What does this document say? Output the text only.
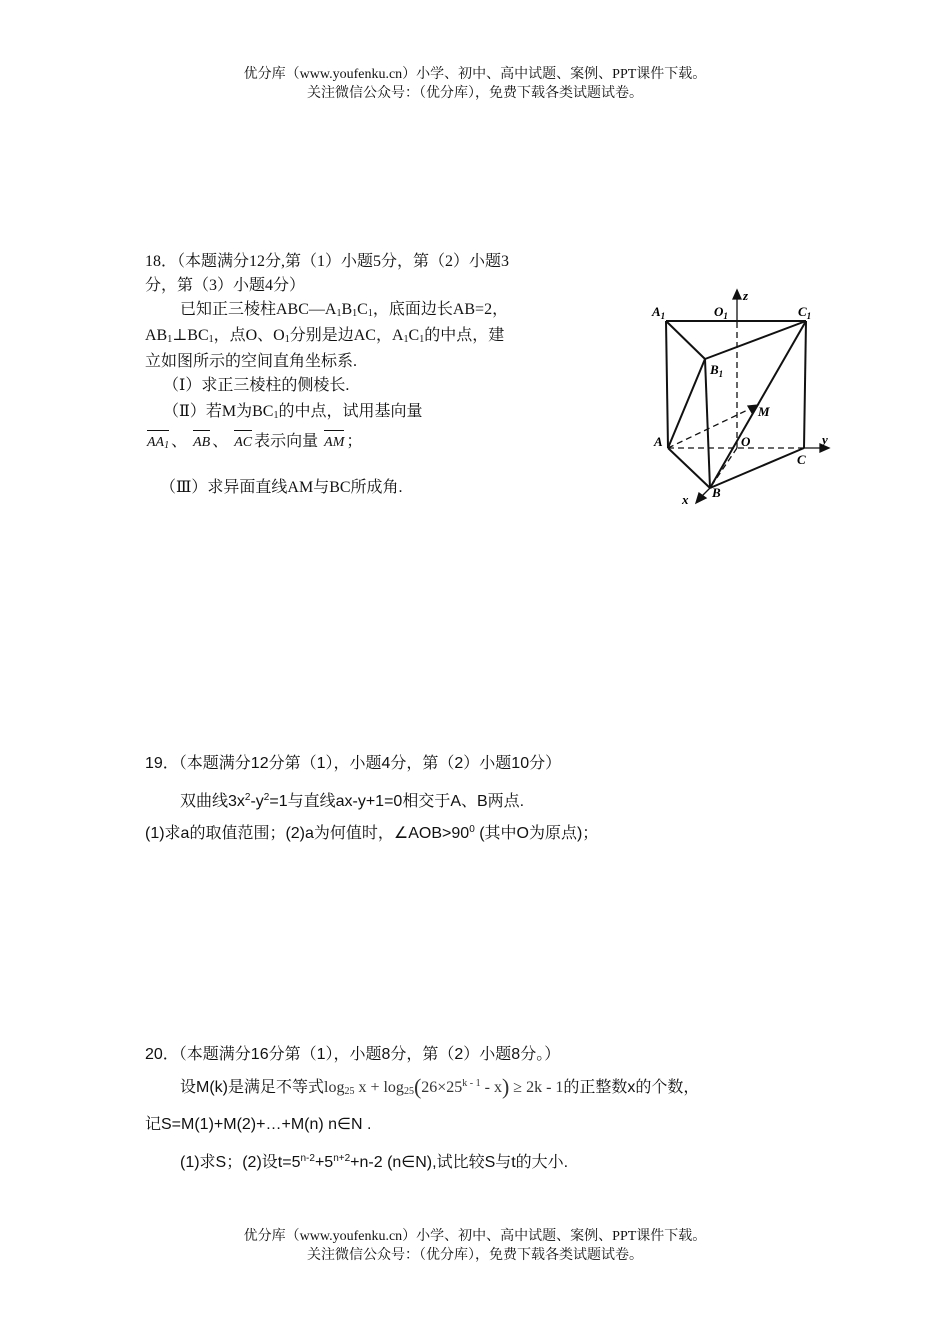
优分库（www.youfenku.cn）小学、初中、高中试题、案例、PPT课件下载。
关注微信公众号：（优分库），免费下载各类试题试卷。
18．（本题满分12分,第（1）小题5分，第（2）小题3
分，第（3）小题4分）
已知正三棱柱$ABC—A_1B_1C_1$，底面边长AB=2，
$AB_1\perp BC_1$，点O、$O_1$分别是边AC，$A_1C_1$的中点，建
立如图所示的空间直角坐标系.
（Ⅰ）求正三棱柱的侧棱长.
（Ⅱ）若M为$BC_1$的中点，试用基向量
$AA_1$ 、 AB 、 AC 表示向量 AM ；
（Ⅲ）求异面直线AM与BC所成角.
$A_1$	$O_1$
z
$C_1$
$B_1$
M
A	O	y
C
x B
19．（本题满分12分第（1），小题4分，第（2）小题10分）
双曲线$3x^2-y^2=1$与直线ax-y+1=0相交于A、B两点.
(1)求a的取值范围；(2)a为何值时，$\angle AOB>90^0$ (其中O为原点)；
20．（本题满分16分第（1），小题8分，第（2）小题8分。）
设M(k)是满足不等式$\log_{25} x + \log_{25}(26\times 25^{k - 1} - x) \ge 2k - 1$的正整数x的个数，
记S=M(1)+M(2)+…+M(n) n∈N .
(1)求S；(2)设$t=5^{n-2}+5^{n+2}+n-2$ (n∈N),试比较S与t的大小.
优分库（www.youfenku.cn）小学、初中、高中试题、案例、PPT课件下载。
关注微信公众号：（优分库），免费下载各类试题试卷。
